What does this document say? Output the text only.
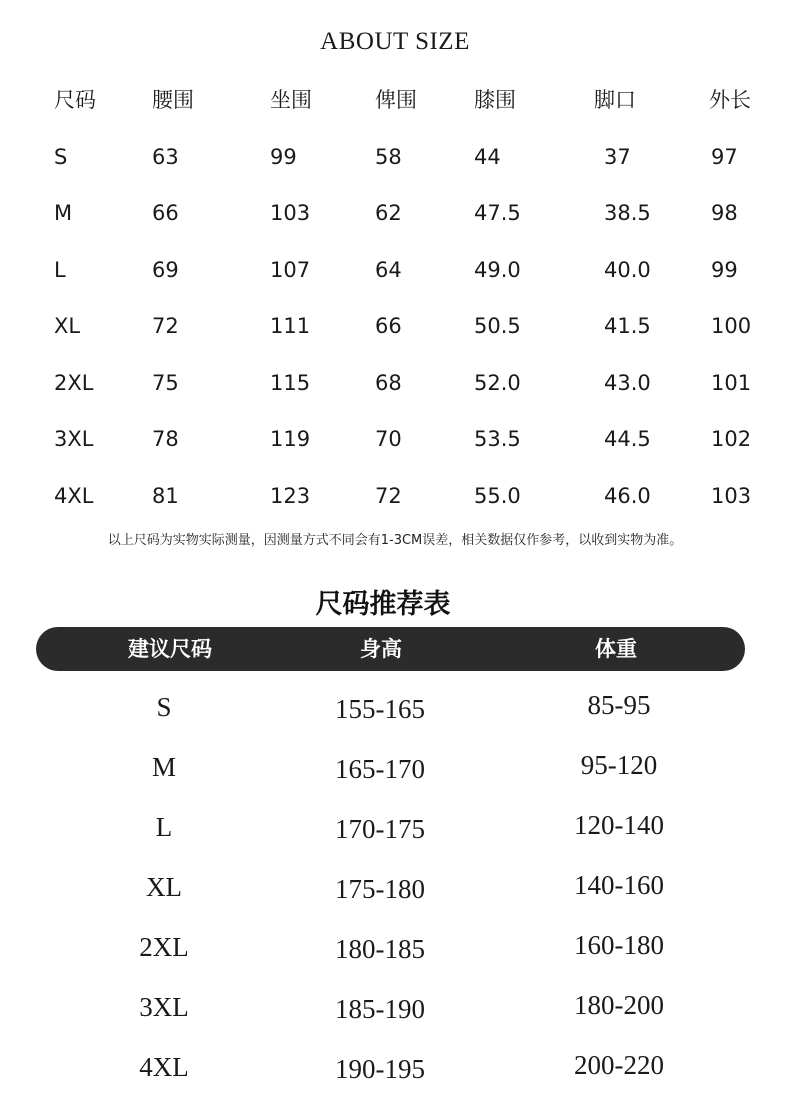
ABOUT SIZE
尺码	腰围	坐围	俾围	膝围	脚口	外长
S	63	99	58	44	37	97
M	66	103	62	47.5	38.5	98
L	69	107	64	49.0	40.0	99
XL	72	111	66	50.5	41.5	100
2XL	75	115	68	52.0	43.0	101
3XL	78	119	70	53.5	44.5	102
4XL	81	123	72	55.0	46.0	103
以上尺码为实物实际测量，因测量方式不同会有1-3CM误差，相关数据仅作参考，以收到实物为准。
尺码推荐表
建议尺码	身高	体重
S	155-165	85-95
M	165-170	95-120
L	170-175	120-140
XL	175-180	140-160
2XL	180-185	160-180
3XL	185-190	180-200
4XL	190-195	200-220
